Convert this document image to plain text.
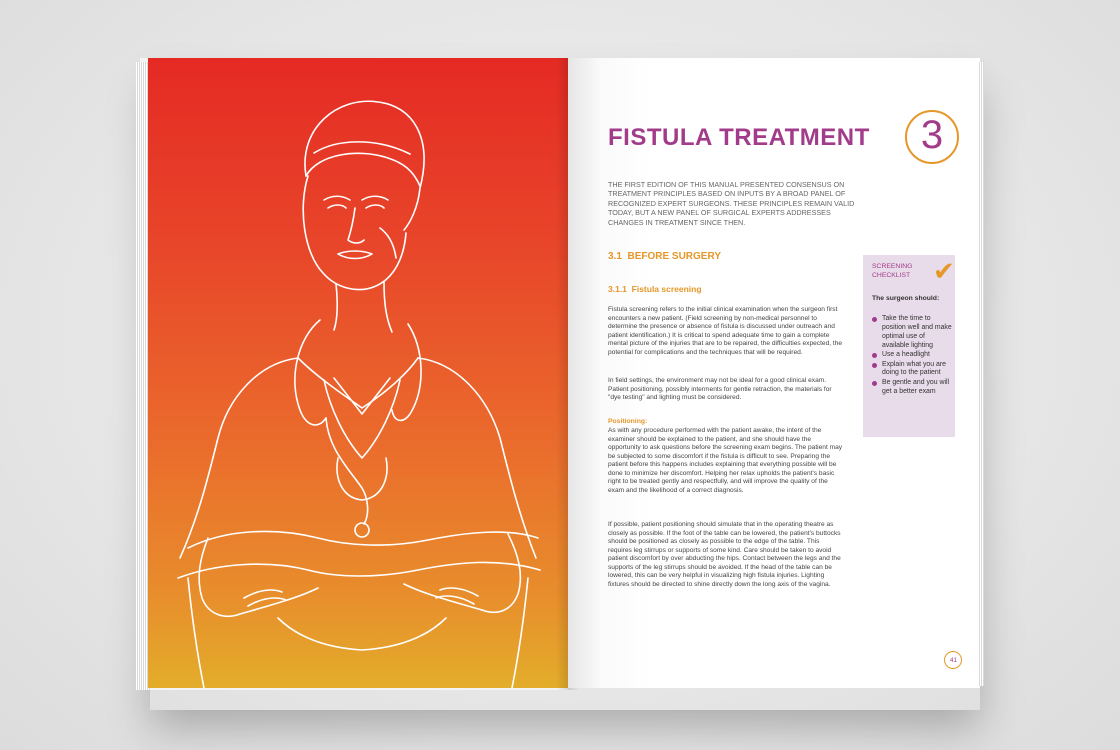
FISTULA TREATMENT	3
THE FIRST EDITION OF THIS MANUAL PRESENTED CONSENSUS ON TREATMENT PRINCIPLES BASED ON INPUTS BY A BROAD PANEL OF RECOGNIZED EXPERT SURGEONS. THESE PRINCIPLES REMAIN VALID TODAY, BUT A NEW PANEL OF SURGICAL EXPERTS ADDRESSES CHANGES IN TREATMENT SINCE THEN.
3.1 BEFORE SURGERY
3.1.1 Fistula screening
Fistula screening refers to the initial clinical examination when the surgeon first encounters a new patient. (Field screening by non-medical personnel to determine the presence or absence of fistula is discussed under outreach and patient identification.) It is critical to spend adequate time to gain a complete mental picture of the injuries that are to be repaired, the difficulties expected, the potential for complications and the techniques that will be required.
In field settings, the environment may not be ideal for a good clinical exam. Patient positioning, possibly interments for gentle retraction, the materials for "dye testing" and lighting must be considered.
Positioning:
As with any procedure performed with the patient awake, the intent of the examiner should be explained to the patient, and she should have the opportunity to ask questions before the screening exam begins. The patient may be subjected to some discomfort if the fistula is difficult to see. Preparing the patient before this happens includes explaining that everything possible will be done to minimize her discomfort. Helping her relax upholds the patient's basic right to be treated gently and respectfully, and will improve the quality of the exam and the likelihood of a correct diagnosis.
If possible, patient positioning should simulate that in the operating theatre as closely as possible. If the foot of the table can be lowered, the patient's buttocks should be positioned as closely as possible to the edge of the table. This requires leg stirrups or supports of some kind. Care should be taken to avoid patient discomfort by over abducting the hips. Contact between the legs and the supports of the leg stirrups should be avoided. If the head of the table can be lowered, this can be very helpful in visualizing high fistula injuries. Lighting fixtures should be directed to shine directly down the long axis of the vagina.
SCREENING CHECKLIST ✔
The surgeon should:
Take the time to position well and make optimal use of available lighting
Use a headlight
Explain what you are doing to the patient
Be gentle and you will get a better exam
41
